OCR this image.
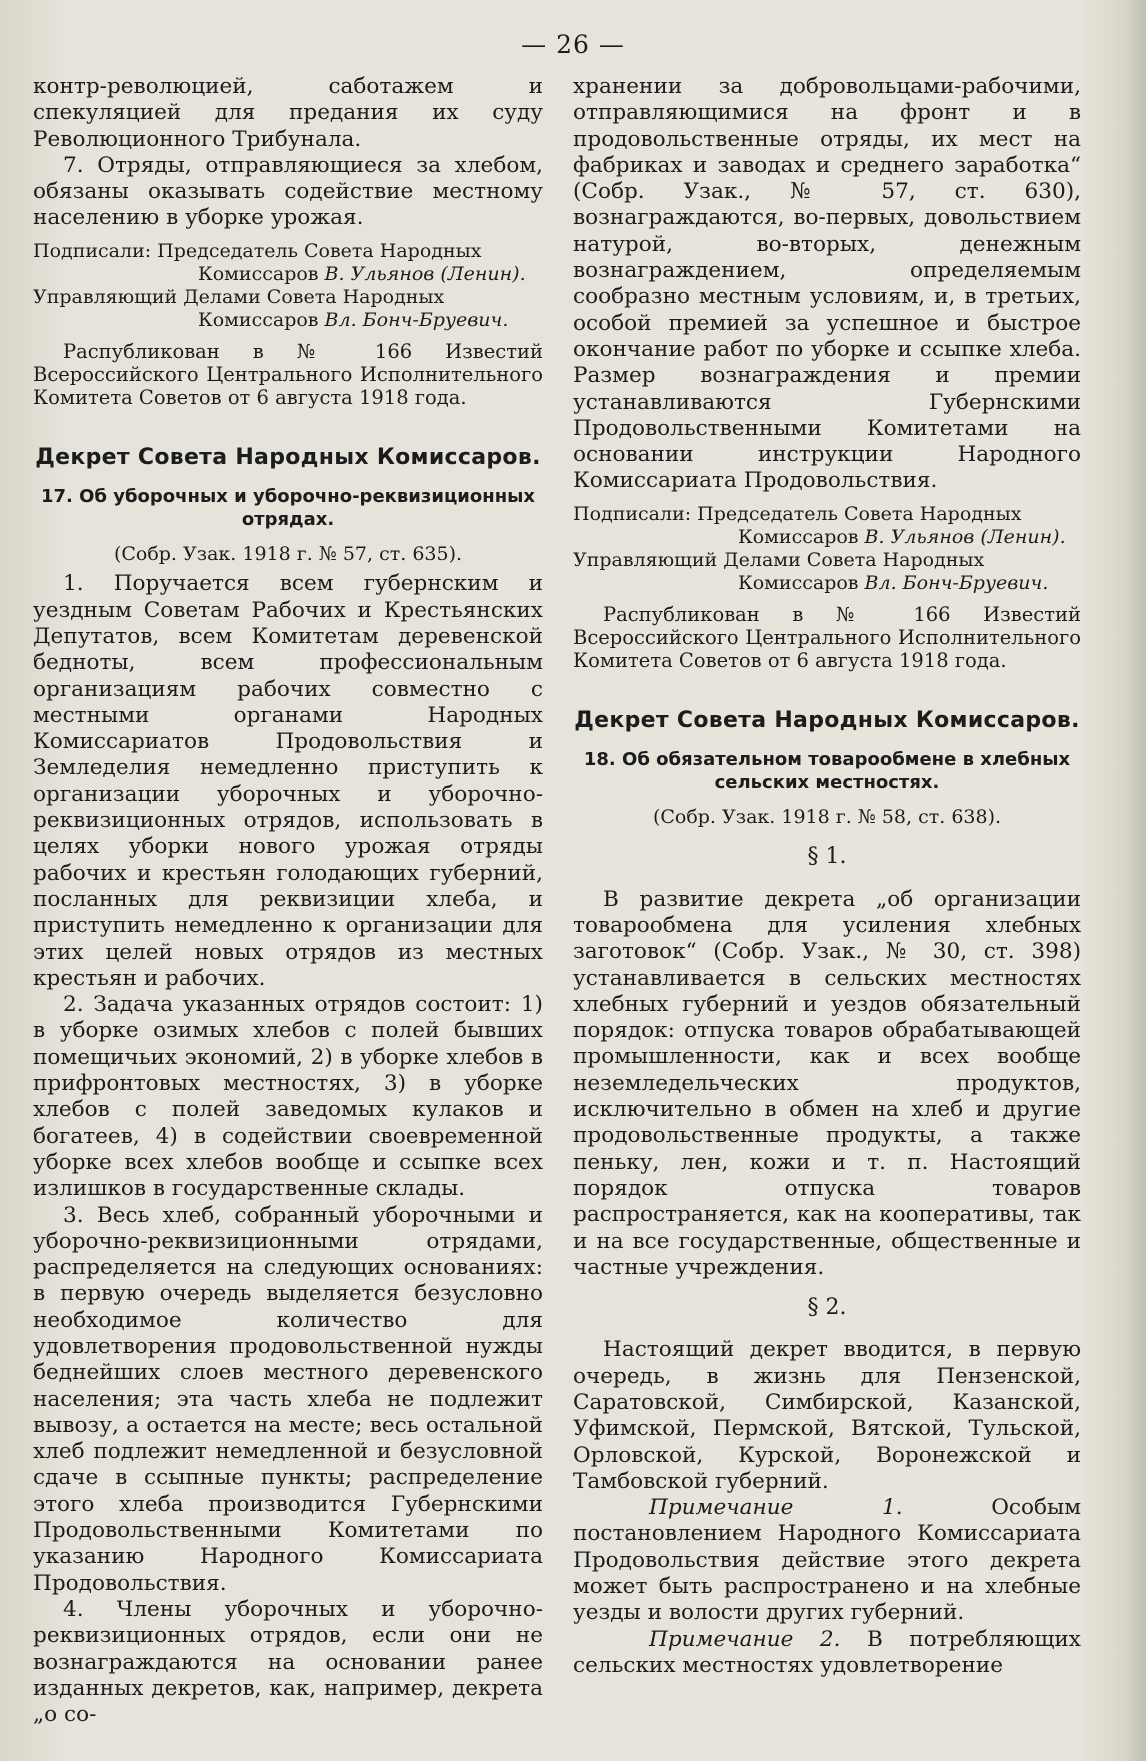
— 26 —

контр-революцией, саботажем и спекуляцией для предания их суду Революционного Трибунала.

7. Отряды, отправляющиеся за хлебом, обязаны оказывать содействие местному населению в уборке урожая.

Подписали: Председатель Совета Народных
Комиссаров В. Ульянов (Ленин).
Управляющий Делами Совета Народных
Комиссаров Вл. Бонч-Бруевич.

Распубликован в № 166 Известий Всероссийского Центрального Исполнительного Комитета Советов от 6 августа 1918 года.

Декрет Совета Народных Комиссаров.
17. Об уборочных и уборочно-реквизиционных отрядах.
(Собр. Узак. 1918 г. № 57, ст. 635).

1. Поручается всем губернским и уездным Советам Рабочих и Крестьянских Депутатов, всем Комитетам деревенской бедноты, всем профессиональным организациям рабочих совместно с местными органами Народных Комиссариатов Продовольствия и Земледелия немедленно приступить к организации уборочных и уборочно-реквизиционных отрядов, использовать в целях уборки нового урожая отряды рабочих и крестьян голодающих губерний, посланных для реквизиции хлеба, и приступить немедленно к организации для этих целей новых отрядов из местных крестьян и рабочих.

2. Задача указанных отрядов состоит: 1) в уборке озимых хлебов с полей бывших помещичьих экономий, 2) в уборке хлебов в прифронтовых местностях, 3) в уборке хлебов с полей заведомых кулаков и богатеев, 4) в содействии своевременной уборке всех хлебов вообще и ссыпке всех излишков в государственные склады.

3. Весь хлеб, собранный уборочными и уборочно-реквизиционными отрядами, распределяется на следующих основаниях: в первую очередь выделяется безусловно необходимое количество для удовлетворения продовольственной нужды беднейших слоев местного деревенского населения; эта часть хлеба не подлежит вывозу, а остается на месте; весь остальной хлеб подлежит немедленной и безусловной сдаче в ссыпные пункты; распределение этого хлеба производится Губернскими Продовольственными Комитетами по указанию Народного Комиссариата Продовольствия.

4. Члены уборочных и уборочно-реквизиционных отрядов, если они не вознаграждаются на основании ранее изданных декретов, как, например, декрета „о со-

хранении за добровольцами-рабочими, отправляющимися на фронт и в продовольственные отряды, их мест на фабриках и заводах и среднего заработка“ (Собр. Узак., № 57, ст. 630), вознаграждаются, во-первых, довольствием натурой, во-вторых, денежным вознаграждением, определяемым сообразно местным условиям, и, в третьих, особой премией за успешное и быстрое окончание работ по уборке и ссыпке хлеба. Размер вознаграждения и премии устанавливаются Губернскими Продовольственными Комитетами на основании инструкции Народного Комиссариата Продовольствия.

Подписали: Председатель Совета Народных
Комиссаров В. Ульянов (Ленин).
Управляющий Делами Совета Народных
Комиссаров Вл. Бонч-Бруевич.

Распубликован в № 166 Известий Всероссийского Центрального Исполнительного Комитета Советов от 6 августа 1918 года.

Декрет Совета Народных Комиссаров.
18. Об обязательном товарообмене в хлебных сельских местностях.
(Собр. Узак. 1918 г. № 58, ст. 638).
§ 1.

В развитие декрета „об организации товарообмена для усиления хлебных заготовок“ (Собр. Узак., № 30, ст. 398) устанавливается в сельских местностях хлебных губерний и уездов обязательный порядок: отпуска товаров обрабатывающей промышленности, как и всех вообще неземледельческих продуктов, исключительно в обмен на хлеб и другие продовольственные продукты, а также пеньку, лен, кожи и т. п. Настоящий порядок отпуска товаров распространяется, как на кооперативы, так и на все государственные, общественные и частные учреждения.

§ 2.

Настоящий декрет вводится, в первую очередь, в жизнь для Пензенской, Саратовской, Симбирской, Казанской, Уфимской, Пермской, Вятской, Тульской, Орловской, Курской, Воронежской и Тамбовской губерний.

Примечание 1.	Особым постановлением Народного Комиссариата Продовольствия действие этого декрета может быть распространено и на хлебные уезды и волости других губерний.

Примечание 2. В потребляющих сельских местностях удовлетворение
